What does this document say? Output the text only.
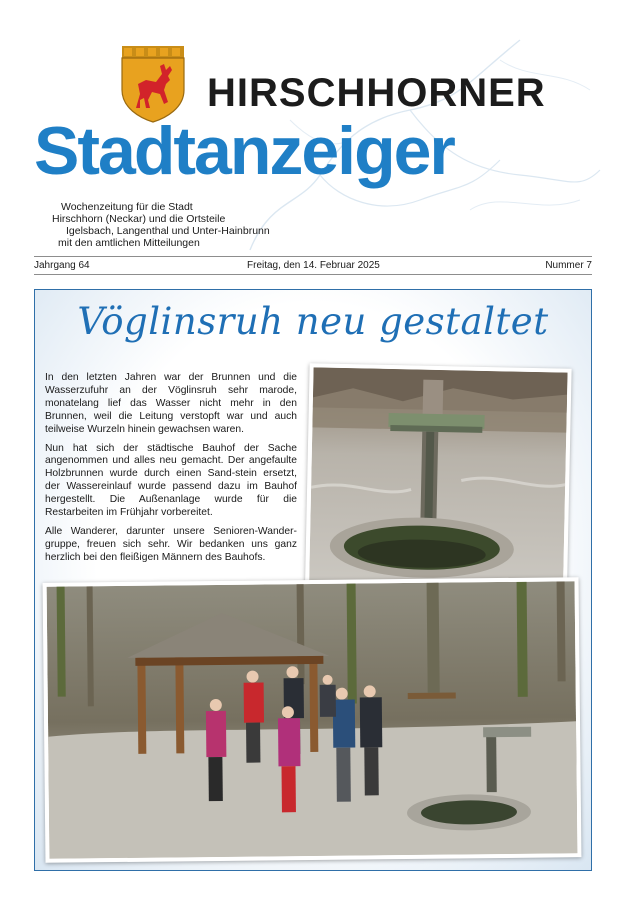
HIRSCHHORNER
Stadtanzeiger
Wochenzeitung für die Stadt
Hirschhorn (Neckar) und die Ortsteile
Igelsbach, Langenthal und Unter-Hainbrunn
mit den amtlichen Mitteilungen
Jahrgang 64	Freitag, den 14. Februar 2025	Nummer 7
Vöglinsruh neu gestaltet

In den letzten Jahren war der Brunnen und die Wasserzufuhr an der Vöglinsruh sehr marode, monatelang lief das Wasser nicht mehr in den Brunnen, weil die Leitung verstopft war und auch teilweise Wurzeln hinein gewachsen waren.

Nun hat sich der städtische Bauhof der Sache angenommen und alles neu gemacht. Der angefaulte Holzbrunnen wurde durch einen Sand-stein ersetzt, der Wassereinlauf wurde passend dazu im Bauhof hergestellt. Die Außenanlage wurde für die Restarbeiten im Frühjahr vorbereitet.

Alle Wanderer, darunter unsere Senioren-Wander-gruppe, freuen sich sehr. Wir bedanken uns ganz herzlich bei den fleißigen Männern des Bauhofs.
